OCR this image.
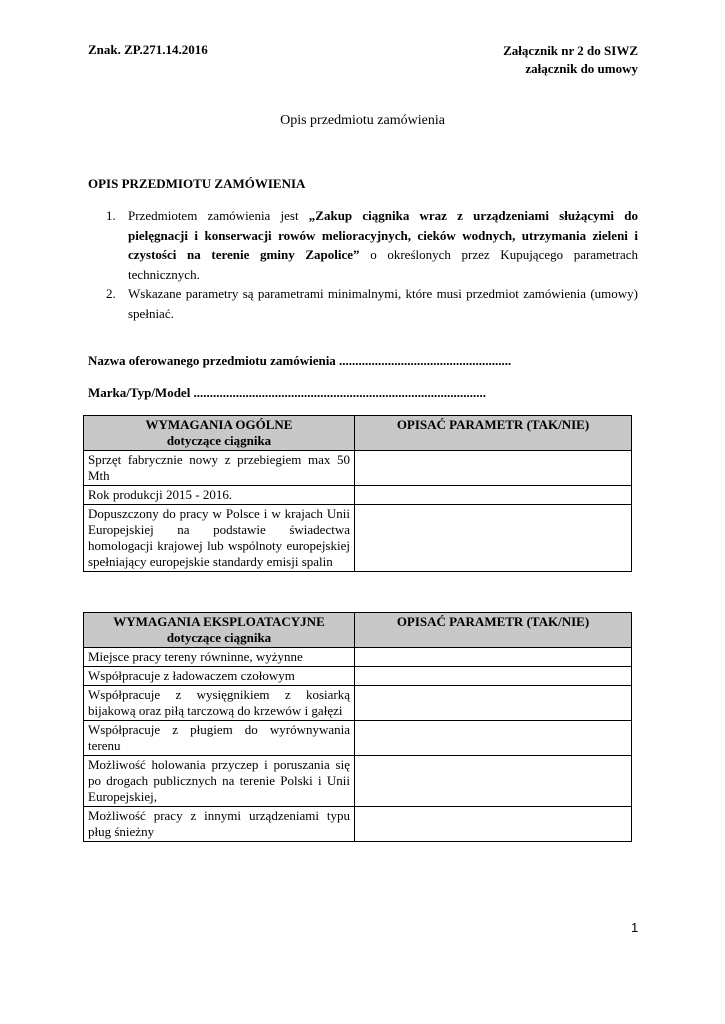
Znak. ZP.271.14.2016	Załącznik nr 2 do SIWZ
załącznik do umowy
Opis przedmiotu zamówienia
OPIS PRZEDMIOTU ZAMÓWIENIA
1. Przedmiotem zamówienia jest „Zakup ciągnika wraz z urządzeniami służącymi do pielęgnacji i konserwacji rowów melioracyjnych, cieków wodnych, utrzymania zieleni i czystości na terenie gminy Zapolice” o określonych przez Kupującego parametrach technicznych.
2. Wskazane parametry są parametrami minimalnymi, które musi przedmiot zamówienia (umowy) spełniać.
Nazwa oferowanego przedmiotu zamówienia .....................................................
Marka/Typ/Model ..........................................................................................
WYMAGANIA OGÓLNE
dotyczące ciągnika	OPISAĆ PARAMETR (TAK/NIE)
Sprzęt fabrycznie nowy z przebiegiem max 50 Mth	
Rok produkcji 2015 - 2016.	
Dopuszczony do pracy w Polsce i w krajach Unii Europejskiej na podstawie świadectwa homologacji krajowej lub wspólnoty europejskiej spełniający europejskie standardy emisji spalin	
WYMAGANIA EKSPLOATACYJNE
dotyczące ciągnika	OPISAĆ PARAMETR (TAK/NIE)
Miejsce pracy tereny równinne, wyżynne	
Współpracuje z ładowaczem czołowym	
Współpracuje z wysięgnikiem z kosiarką bijakową oraz piłą tarczową do krzewów i gałęzi	
Współpracuje z pługiem do wyrównywania terenu	
Możliwość holowania przyczep i poruszania się po drogach publicznych na terenie Polski i Unii Europejskiej,	
Możliwość pracy z innymi urządzeniami typu pług śnieżny	
1
